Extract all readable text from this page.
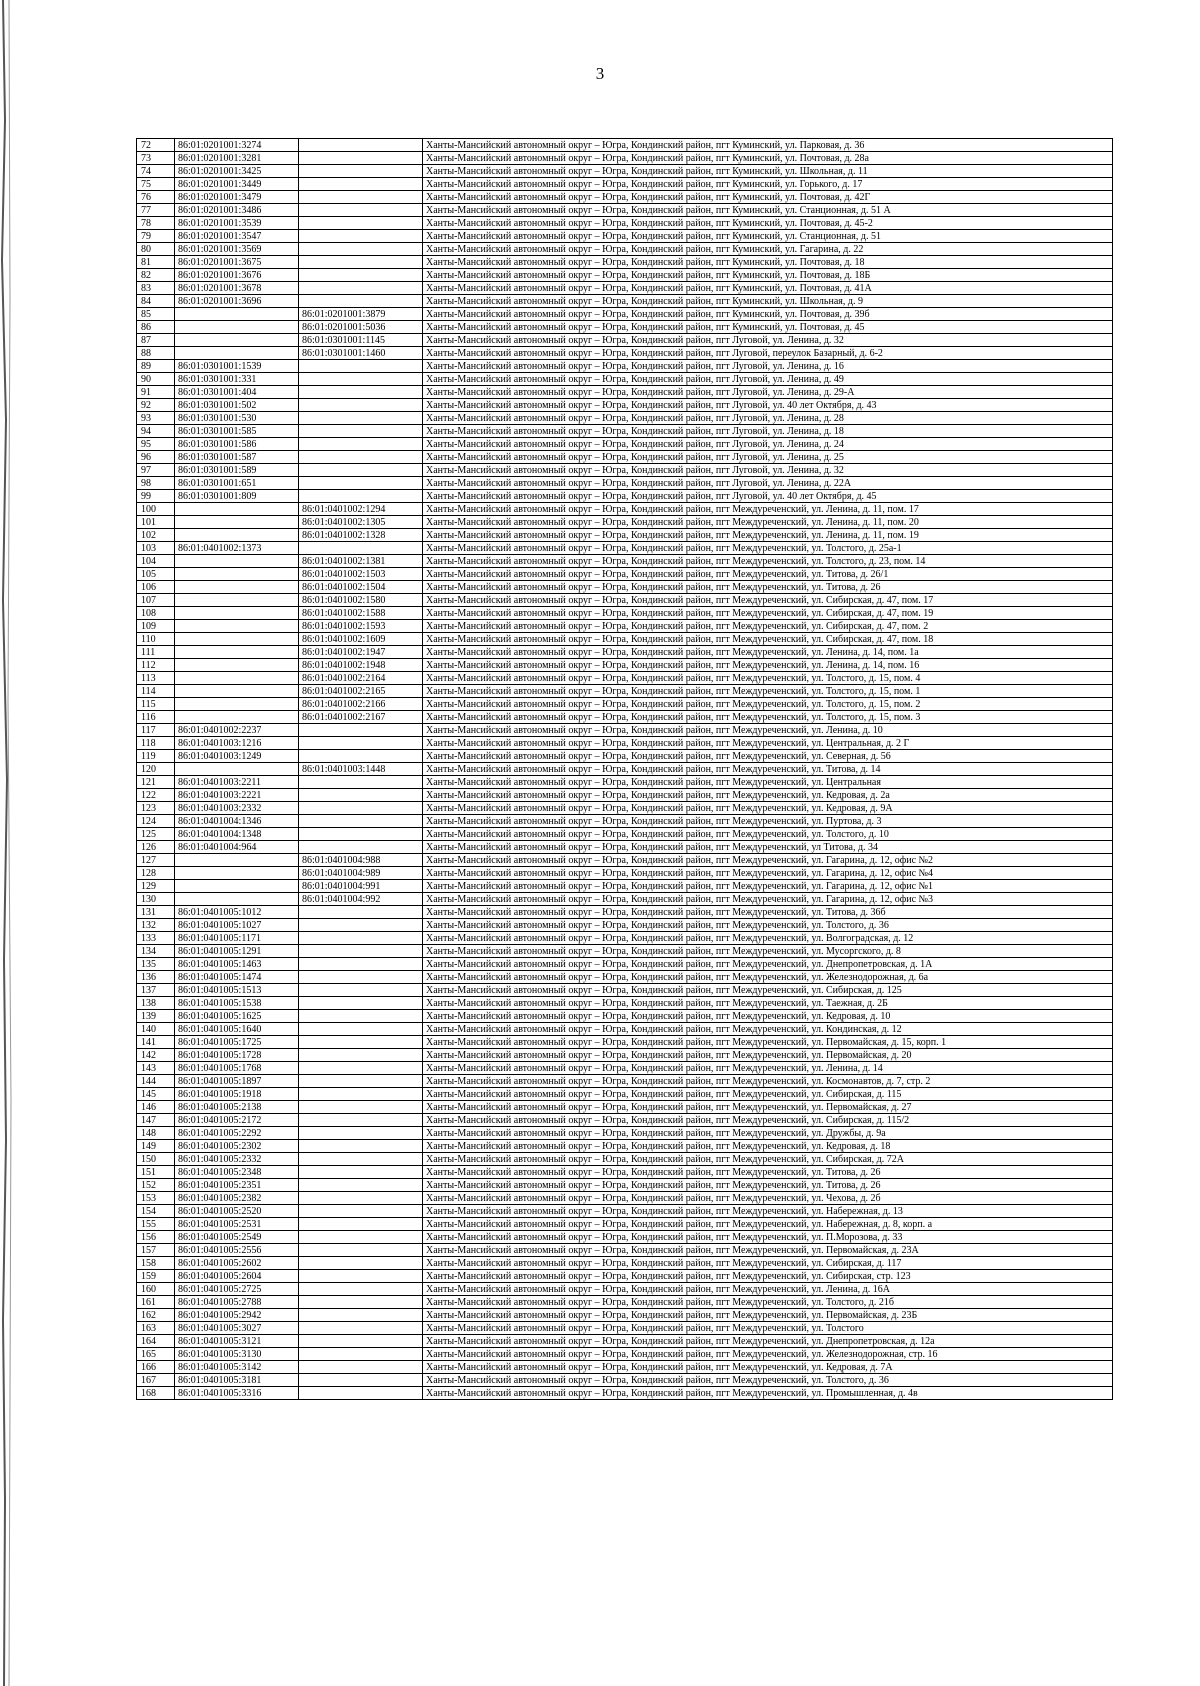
3
72	86:01:0201001:3274		Ханты-Мансийский автономный округ – Югра, Кондинский район, пгт Куминский, ул. Парковая, д. 36
73	86:01:0201001:3281		Ханты-Мансийский автономный округ – Югра, Кондинский район, пгт Куминский, ул. Почтовая, д. 28а
74	86:01:0201001:3425		Ханты-Мансийский автономный округ – Югра, Кондинский район, пгт Куминский, ул. Школьная, д. 11
75	86:01:0201001:3449		Ханты-Мансийский автономный округ – Югра, Кондинский район, пгт Куминский, ул. Горького, д. 17
76	86:01:0201001:3479		Ханты-Мансийский автономный округ – Югра, Кондинский район, пгт Куминский, ул. Почтовая, д. 42Г
77	86:01:0201001:3486		Ханты-Мансийский автономный округ – Югра, Кондинский район, пгт Куминский, ул. Станционная, д. 51 А
78	86:01:0201001:3539		Ханты-Мансийский автономный округ – Югра, Кондинский район, пгт Куминский, ул. Почтовая, д. 45-2
79	86:01:0201001:3547		Ханты-Мансийский автономный округ – Югра, Кондинский район, пгт Куминский, ул. Станционная, д. 51
80	86:01:0201001:3569		Ханты-Мансийский автономный округ – Югра, Кондинский район, пгт Куминский, ул. Гагарина, д. 22
81	86:01:0201001:3675		Ханты-Мансийский автономный округ – Югра, Кондинский район, пгт Куминский, ул. Почтовая, д. 18
82	86:01:0201001:3676		Ханты-Мансийский автономный округ – Югра, Кондинский район, пгт Куминский, ул. Почтовая, д. 18Б
83	86:01:0201001:3678		Ханты-Мансийский автономный округ – Югра, Кондинский район, пгт Куминский, ул. Почтовая, д. 41А
84	86:01:0201001:3696		Ханты-Мансийский автономный округ – Югра, Кондинский район, пгт Куминский, ул. Школьная, д. 9
85		86:01:0201001:3879	Ханты-Мансийский автономный округ – Югра, Кондинский район, пгт Куминский, ул. Почтовая, д. 39б
86		86:01:0201001:5036	Ханты-Мансийский автономный округ – Югра, Кондинский район, пгт Куминский, ул. Почтовая, д. 45
87		86:01:0301001:1145	Ханты-Мансийский автономный округ – Югра, Кондинский район, пгт Луговой, ул. Ленина, д. 32
88		86:01:0301001:1460	Ханты-Мансийский автономный округ – Югра, Кондинский район, пгт Луговой, переулок Базарный, д. 6-2
89	86:01:0301001:1539		Ханты-Мансийский автономный округ – Югра, Кондинский район, пгт Луговой, ул. Ленина, д. 16
90	86:01:0301001:331		Ханты-Мансийский автономный округ – Югра, Кондинский район, пгт Луговой, ул. Ленина, д. 49
91	86:01:0301001:404		Ханты-Мансийский автономный округ – Югра, Кондинский район, пгт Луговой, ул. Ленина, д. 29-А
92	86:01:0301001:502		Ханты-Мансийский автономный округ – Югра, Кондинский район, пгт Луговой, ул. 40 лет Октября, д. 43
93	86:01:0301001:530		Ханты-Мансийский автономный округ – Югра, Кондинский район, пгт Луговой, ул. Ленина, д. 28
94	86:01:0301001:585		Ханты-Мансийский автономный округ – Югра, Кондинский район, пгт Луговой, ул. Ленина, д. 18
95	86:01:0301001:586		Ханты-Мансийский автономный округ – Югра, Кондинский район, пгт Луговой, ул. Ленина, д. 24
96	86:01:0301001:587		Ханты-Мансийский автономный округ – Югра, Кондинский район, пгт Луговой, ул. Ленина, д. 25
97	86:01:0301001:589		Ханты-Мансийский автономный округ – Югра, Кондинский район, пгт Луговой, ул. Ленина, д. 32
98	86:01:0301001:651		Ханты-Мансийский автономный округ – Югра, Кондинский район, пгт Луговой, ул. Ленина, д. 22А
99	86:01:0301001:809		Ханты-Мансийский автономный округ – Югра, Кондинский район, пгт Луговой, ул. 40 лет Октября, д. 45
100		86:01:0401002:1294	Ханты-Мансийский автономный округ – Югра, Кондинский район, пгт Междуреченский, ул. Ленина, д. 11, пом. 17
101		86:01:0401002:1305	Ханты-Мансийский автономный округ – Югра, Кондинский район, пгт Междуреченский, ул. Ленина, д. 11, пом. 20
102		86:01:0401002:1328	Ханты-Мансийский автономный округ – Югра, Кондинский район, пгт Междуреченский, ул. Ленина, д. 11, пом. 19
103	86:01:0401002:1373		Ханты-Мансийский автономный округ – Югра, Кондинский район, пгт Междуреченский, ул. Толстого, д. 25а-1
104		86:01:0401002:1381	Ханты-Мансийский автономный округ – Югра, Кондинский район, пгт Междуреченский, ул. Толстого, д. 23, пом. 14
105		86:01:0401002:1503	Ханты-Мансийский автономный округ – Югра, Кондинский район, пгт Междуреченский, ул. Титова, д. 26/1
106		86:01:0401002:1504	Ханты-Мансийский автономный округ – Югра, Кондинский район, пгт Междуреченский, ул. Титова, д. 26
107		86:01:0401002:1580	Ханты-Мансийский автономный округ – Югра, Кондинский район, пгт Междуреченский, ул. Сибирская, д. 47, пом. 17
108		86:01:0401002:1588	Ханты-Мансийский автономный округ – Югра, Кондинский район, пгт Междуреченский, ул. Сибирская, д. 47, пом. 19
109		86:01:0401002:1593	Ханты-Мансийский автономный округ – Югра, Кондинский район, пгт Междуреченский, ул. Сибирская, д. 47, пом. 2
110		86:01:0401002:1609	Ханты-Мансийский автономный округ – Югра, Кондинский район, пгт Междуреченский, ул. Сибирская, д. 47, пом. 18
111		86:01:0401002:1947	Ханты-Мансийский автономный округ – Югра, Кондинский район, пгт Междуреченский, ул. Ленина, д. 14, пом. 1а
112		86:01:0401002:1948	Ханты-Мансийский автономный округ – Югра, Кондинский район, пгт Междуреченский, ул. Ленина, д. 14, пом. 16
113		86:01:0401002:2164	Ханты-Мансийский автономный округ – Югра, Кондинский район, пгт Междуреченский, ул. Толстого, д. 15, пом. 4
114		86:01:0401002:2165	Ханты-Мансийский автономный округ – Югра, Кондинский район, пгт Междуреченский, ул. Толстого, д. 15, пом. 1
115		86:01:0401002:2166	Ханты-Мансийский автономный округ – Югра, Кондинский район, пгт Междуреченский, ул. Толстого, д. 15, пом. 2
116		86:01:0401002:2167	Ханты-Мансийский автономный округ – Югра, Кондинский район, пгт Междуреченский, ул. Толстого, д. 15, пом. 3
117	86:01:0401002:2237		Ханты-Мансийский автономный округ – Югра, Кондинский район, пгт Междуреченский, ул. Ленина, д. 10
118	86:01:0401003:1216		Ханты-Мансийский автономный округ – Югра, Кондинский район, пгт Междуреченский, ул. Центральная, д. 2 Г
119	86:01:0401003:1249		Ханты-Мансийский автономный округ – Югра, Кондинский район, пгт Междуреченский, ул. Северная, д. 56
120		86:01:0401003:1448	Ханты-Мансийский автономный округ – Югра, Кондинский район, пгт Междуреченский, ул. Титова, д. 14
121	86:01:0401003:2211		Ханты-Мансийский автономный округ – Югра, Кондинский район, пгт Междуреченский, ул. Центральная
122	86:01:0401003:2221		Ханты-Мансийский автономный округ – Югра, Кондинский район, пгт Междуреченский, ул. Кедровая, д. 2а
123	86:01:0401003:2332		Ханты-Мансийский автономный округ – Югра, Кондинский район, пгт Междуреченский, ул. Кедровая, д. 9А
124	86:01:0401004:1346		Ханты-Мансийский автономный округ – Югра, Кондинский район, пгт Междуреченский, ул. Пуртова, д. 3
125	86:01:0401004:1348		Ханты-Мансийский автономный округ – Югра, Кондинский район, пгт Междуреченский, ул. Толстого, д. 10
126	86:01:0401004:964		Ханты-Мансийский автономный округ – Югра, Кондинский район, пгт Междуреченский, ул Титова, д. 34
127		86:01:0401004:988	Ханты-Мансийский автономный округ – Югра, Кондинский район, пгт Междуреченский, ул. Гагарина, д. 12, офис №2
128		86:01:0401004:989	Ханты-Мансийский автономный округ – Югра, Кондинский район, пгт Междуреченский, ул. Гагарина, д. 12, офис №4
129		86:01:0401004:991	Ханты-Мансийский автономный округ – Югра, Кондинский район, пгт Междуреченский, ул. Гагарина, д. 12, офис №1
130		86:01:0401004:992	Ханты-Мансийский автономный округ – Югра, Кондинский район, пгт Междуреченский, ул. Гагарина, д. 12, офис №3
131	86:01:0401005:1012		Ханты-Мансийский автономный округ – Югра, Кондинский район, пгт Междуреченский, ул. Титова, д. 36б
132	86:01:0401005:1027		Ханты-Мансийский автономный округ – Югра, Кондинский район, пгт Междуреченский, ул. Толстого, д. 36
133	86:01:0401005:1171		Ханты-Мансийский автономный округ – Югра, Кондинский район, пгт Междуреченский, ул. Волгоградская, д. 12
134	86:01:0401005:1291		Ханты-Мансийский автономный округ – Югра, Кондинский район, пгт Междуреченский, ул. Мусоргского, д. 8
135	86:01:0401005:1463		Ханты-Мансийский автономный округ – Югра, Кондинский район, пгт Междуреченский, ул. Днепропетровская, д. 1А
136	86:01:0401005:1474		Ханты-Мансийский автономный округ – Югра, Кондинский район, пгт Междуреченский, ул. Железнодорожная, д. 6а
137	86:01:0401005:1513		Ханты-Мансийский автономный округ – Югра, Кондинский район, пгт Междуреченский, ул. Сибирская, д. 125
138	86:01:0401005:1538		Ханты-Мансийский автономный округ – Югра, Кондинский район, пгт Междуреченский, ул. Таежная, д. 2Б
139	86:01:0401005:1625		Ханты-Мансийский автономный округ – Югра, Кондинский район, пгт Междуреченский, ул. Кедровая, д. 10
140	86:01:0401005:1640		Ханты-Мансийский автономный округ – Югра, Кондинский район, пгт Междуреченский, ул. Кондинская, д. 12
141	86:01:0401005:1725		Ханты-Мансийский автономный округ – Югра, Кондинский район, пгт Междуреченский, ул. Первомайская, д. 15, корп. 1
142	86:01:0401005:1728		Ханты-Мансийский автономный округ – Югра, Кондинский район, пгт Междуреченский, ул. Первомайская, д. 20
143	86:01:0401005:1768		Ханты-Мансийский автономный округ – Югра, Кондинский район, пгт Междуреченский, ул. Ленина, д. 14
144	86:01:0401005:1897		Ханты-Мансийский автономный округ – Югра, Кондинский район, пгт Междуреченский, ул. Космонавтов, д. 7, стр. 2
145	86:01:0401005:1918		Ханты-Мансийский автономный округ – Югра, Кондинский район, пгт Междуреченский, ул. Сибирская, д. 115
146	86:01:0401005:2138		Ханты-Мансийский автономный округ – Югра, Кондинский район, пгт Междуреченский, ул. Первомайская, д. 27
147	86:01:0401005:2172		Ханты-Мансийский автономный округ – Югра, Кондинский район, пгт Междуреченский, ул. Сибирская, д. 115/2
148	86:01:0401005:2292		Ханты-Мансийский автономный округ – Югра, Кондинский район, пгт Междуреченский, ул. Дружбы, д. 9а
149	86:01:0401005:2302		Ханты-Мансийский автономный округ – Югра, Кондинский район, пгт Междуреченский, ул. Кедровая, д. 18
150	86:01:0401005:2332		Ханты-Мансийский автономный округ – Югра, Кондинский район, пгт Междуреченский, ул. Сибирская, д. 72А
151	86:01:0401005:2348		Ханты-Мансийский автономный округ – Югра, Кондинский район, пгт Междуреченский, ул. Титова, д. 26
152	86:01:0401005:2351		Ханты-Мансийский автономный округ – Югра, Кондинский район, пгт Междуреченский, ул. Титова, д. 26
153	86:01:0401005:2382		Ханты-Мансийский автономный округ – Югра, Кондинский район, пгт Междуреченский, ул. Чехова, д. 2б
154	86:01:0401005:2520		Ханты-Мансийский автономный округ – Югра, Кондинский район, пгт Междуреченский, ул. Набережная, д. 13
155	86:01:0401005:2531		Ханты-Мансийский автономный округ – Югра, Кондинский район, пгт Междуреченский, ул. Набережная, д. 8, корп. а
156	86:01:0401005:2549		Ханты-Мансийский автономный округ – Югра, Кондинский район, пгт Междуреченский, ул. П.Морозова, д. 33
157	86:01:0401005:2556		Ханты-Мансийский автономный округ – Югра, Кондинский район, пгт Междуреченский, ул. Первомайская, д. 23А
158	86:01:0401005:2602		Ханты-Мансийский автономный округ – Югра, Кондинский район, пгт Междуреченский, ул. Сибирская, д. 117
159	86:01:0401005:2604		Ханты-Мансийский автономный округ – Югра, Кондинский район, пгт Междуреченский, ул. Сибирская, стр. 123
160	86:01:0401005:2725		Ханты-Мансийский автономный округ – Югра, Кондинский район, пгт Междуреченский, ул. Ленина, д. 16А
161	86:01:0401005:2788		Ханты-Мансийский автономный округ – Югра, Кондинский район, пгт Междуреченский, ул. Толстого, д. 21б
162	86:01:0401005:2942		Ханты-Мансийский автономный округ – Югра, Кондинский район, пгт Междуреченский, ул. Первомайская, д. 23Б
163	86:01:0401005:3027		Ханты-Мансийский автономный округ – Югра, Кондинский район, пгт Междуреченский, ул. Толстого
164	86:01:0401005:3121		Ханты-Мансийский автономный округ – Югра, Кондинский район, пгт Междуреченский, ул. Днепропетровская, д. 12а
165	86:01:0401005:3130		Ханты-Мансийский автономный округ – Югра, Кондинский район, пгт Междуреченский, ул. Железнодорожная, стр. 16
166	86:01:0401005:3142		Ханты-Мансийский автономный округ – Югра, Кондинский район, пгт Междуреченский, ул. Кедровая, д. 7А
167	86:01:0401005:3181		Ханты-Мансийский автономный округ – Югра, Кондинский район, пгт Междуреченский, ул. Толстого, д. 36
168	86:01:0401005:3316		Ханты-Мансийский автономный округ – Югра, Кондинский район, пгт Междуреченский, ул. Промышленная, д. 4в
